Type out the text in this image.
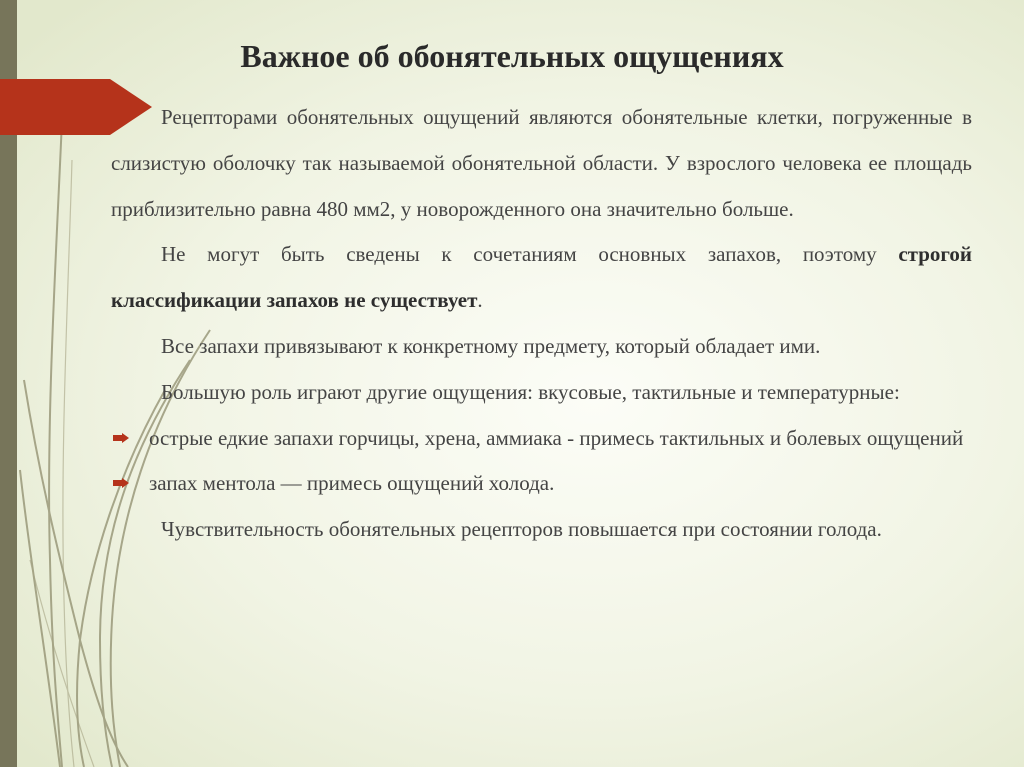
Важное об обонятельных ощущениях

Рецепторами обонятельных ощущений являются обонятельные клетки, погруженные в слизистую оболочку так называемой обонятельной области. У взрослого человека ее площадь приблизительно равна 480 мм2, у новорожденного она значительно больше.

Не могут быть сведены к сочетаниям основных запахов, поэтому строгой классификации запахов не существует.

Все запахи привязывают к конкретному предмету, который обладает ими.

Большую роль играют другие ощущения: вкусовые, тактильные и температурные:

острые едкие запахи горчицы, хрена, аммиака - примесь тактильных и болевых ощущений

запах ментола — примесь ощущений холода.

Чувствительность обонятельных рецепторов повышается при состоянии голода.
